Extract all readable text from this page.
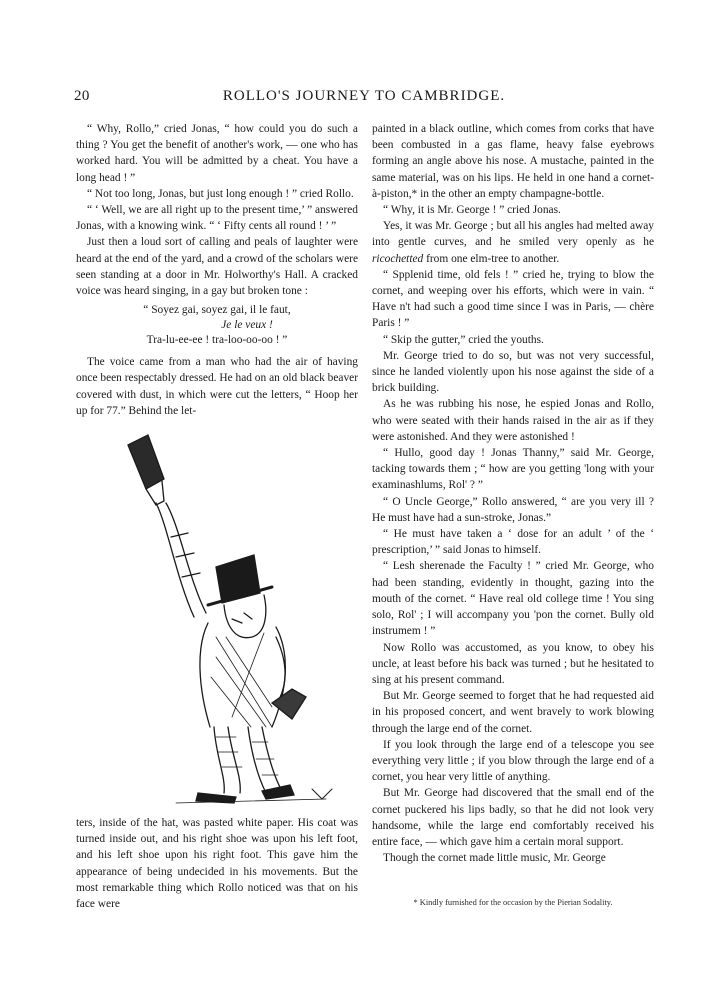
20	ROLLO'S JOURNEY TO CAMBRIDGE.

“ Why, Rollo,” cried Jonas, “ how could you do such a thing ? You get the benefit of another's work, — one who has worked hard. You will be admitted by a cheat. You have a long head ! ”

“ Not too long, Jonas, but just long enough ! ” cried Rollo.

“ ‘ Well, we are all right up to the present time,’ ” answered Jonas, with a knowing wink. “ ‘ Fifty cents all round ! ’ ”

Just then a loud sort of calling and peals of laughter were heard at the end of the yard, and a crowd of the scholars were seen standing at a door in Mr. Holworthy's Hall. A cracked voice was heard singing, in a gay but broken tone :

“ Soyez gai, soyez gai, il le faut,
Je le veux !
Tra-lu-ee-ee ! tra-loo-oo-oo ! ”

The voice came from a man who had the air of having once been respectably dressed. He had on an old black beaver covered with dust, in which were cut the letters, “ Hoop her up for 77.” Behind the let-

ters, inside of the hat, was pasted white paper. His coat was turned inside out, and his right shoe was upon his left foot, and his left shoe upon his right foot. This gave him the appearance of being undecided in his movements. But the most remarkable thing which Rollo noticed was that on his face were

painted in a black outline, which comes from corks that have been combusted in a gas flame, heavy false eyebrows forming an angle above his nose. A mustache, painted in the same material, was on his lips. He held in one hand a cornet-à-piston,* in the other an empty champagne-bottle.

“ Why, it is Mr. George ! ” cried Jonas.

Yes, it was Mr. George ; but all his angles had melted away into gentle curves, and he smiled very openly as he ricochetted from one elm-tree to another.

“ Spplenid time, old fels ! ” cried he, trying to blow the cornet, and weeping over his efforts, which were in vain. “ Have n't had such a good time since I was in Paris, — chère Paris ! ”

“ Skip the gutter,” cried the youths.

Mr. George tried to do so, but was not very successful, since he landed violently upon his nose against the side of a brick building.

As he was rubbing his nose, he espied Jonas and Rollo, who were seated with their hands raised in the air as if they were astonished. And they were astonished !

“ Hullo, good day ! Jonas Thanny,” said Mr. George, tacking towards them ; “ how are you getting 'long with your examinashlums, Rol' ? ”

“ O Uncle George,” Rollo answered, “ are you very ill ? He must have had a sun-stroke, Jonas.”

“ He must have taken a ‘ dose for an adult ’ of the ‘ prescription,’ ” said Jonas to himself.

“ Lesh sherenade the Faculty ! ” cried Mr. George, who had been standing, evidently in thought, gazing into the mouth of the cornet. “ Have real old college time ! You sing solo, Rol' ; I will accompany you 'pon the cornet. Bully old instrumem ! ”

Now Rollo was accustomed, as you know, to obey his uncle, at least before his back was turned ; but he hesitated to sing at his present command.

But Mr. George seemed to forget that he had requested aid in his proposed concert, and went bravely to work blowing through the large end of the cornet.

If you look through the large end of a telescope you see everything very little ; if you blow through the large end of a cornet, you hear very little of anything.

But Mr. George had discovered that the small end of the cornet puckered his lips badly, so that he did not look very handsome, while the large end comfortably received his entire face, — which gave him a certain moral support.

Though the cornet made little music, Mr. George

* Kindly furnished for the occasion by the Pierian Sodality.
